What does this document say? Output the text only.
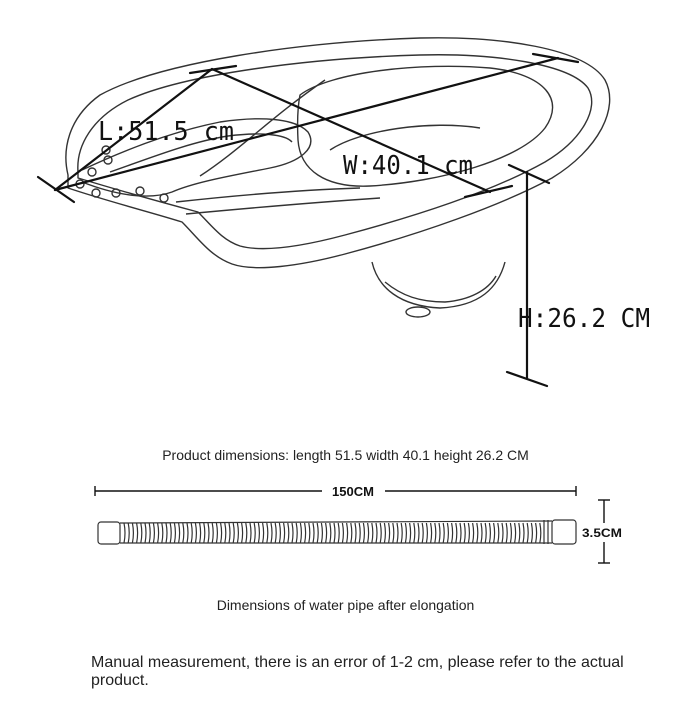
L:51.5 cm
W:40.1 cm
H:26.2 CM
150CM
3.5CM
Product dimensions: length 51.5 width 40.1 height 26.2 CM
Dimensions of water pipe after elongation
Manual measurement, there is an error of 1-2 cm, please refer to the actual product.
